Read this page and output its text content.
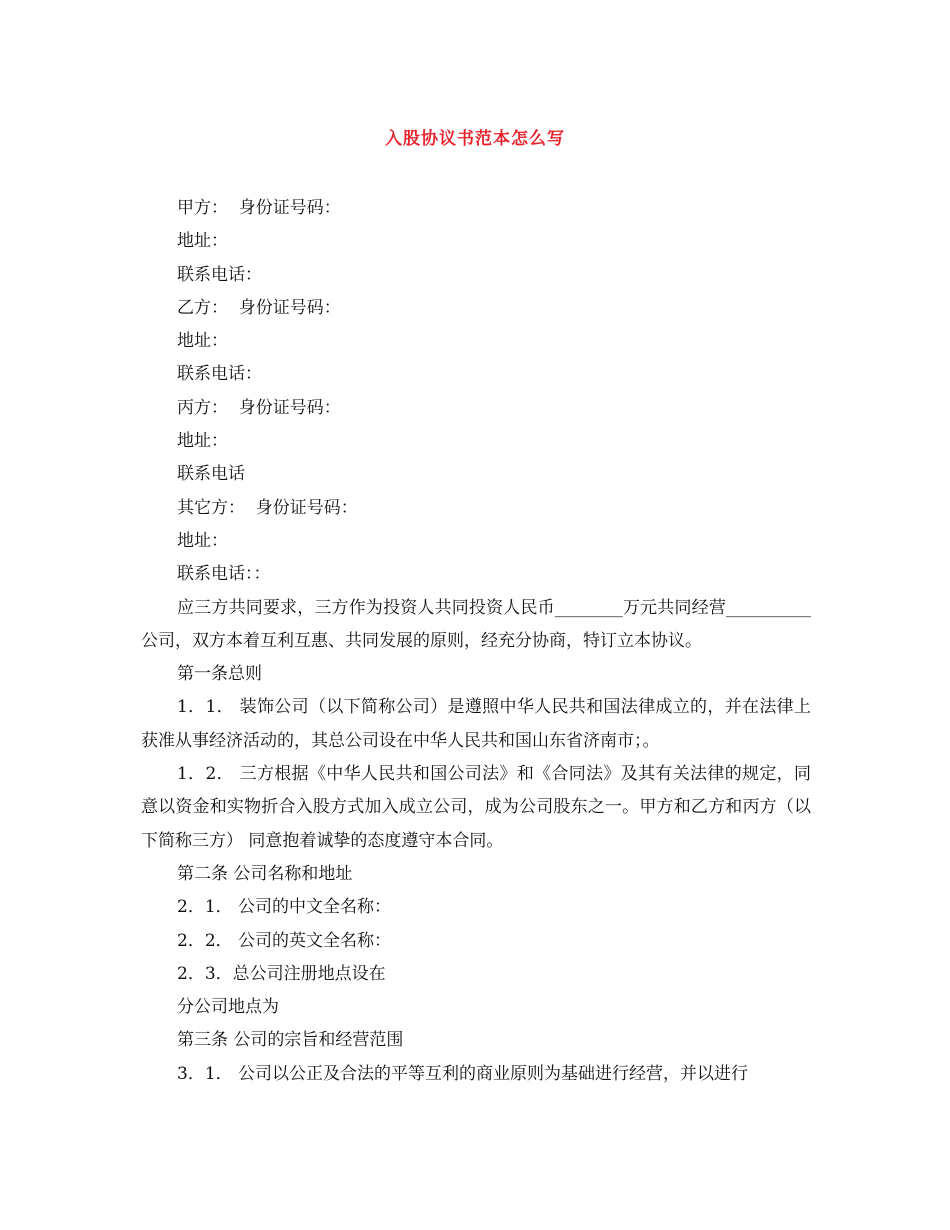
入股协议书范本怎么写

甲方：  身份证号码：

地址：

联系电话：

乙方：  身份证号码：

地址：

联系电话：

丙方：  身份证号码：

地址：

联系电话

其它方：  身份证号码：

地址：

联系电话：：

应三方共同要求，三方作为投资人共同投资人民币________万元共同经营__________公司，双方本着互利互惠、共同发展的原则，经充分协商，特订立本协议。

第一条总则

1．1． 装饰公司（以下简称公司）是遵照中华人民共和国法律成立的，并在法律上获准从事经济活动的，其总公司设在中华人民共和国山东省济南市；。

1．2． 三方根据《中华人民共和国公司法》和《合同法》及其有关法律的规定，同意以资金和实物折合入股方式加入成立公司，成为公司股东之一。甲方和乙方和丙方（以下简称三方） 同意抱着诚挚的态度遵守本合同。

第二条 公司名称和地址

2．1． 公司的中文全名称：

2．2． 公司的英文全名称：

2．3．总公司注册地点设在

分公司地点为

第三条 公司的宗旨和经营范围

3．1． 公司以公正及合法的平等互利的商业原则为基础进行经营，并以进行
